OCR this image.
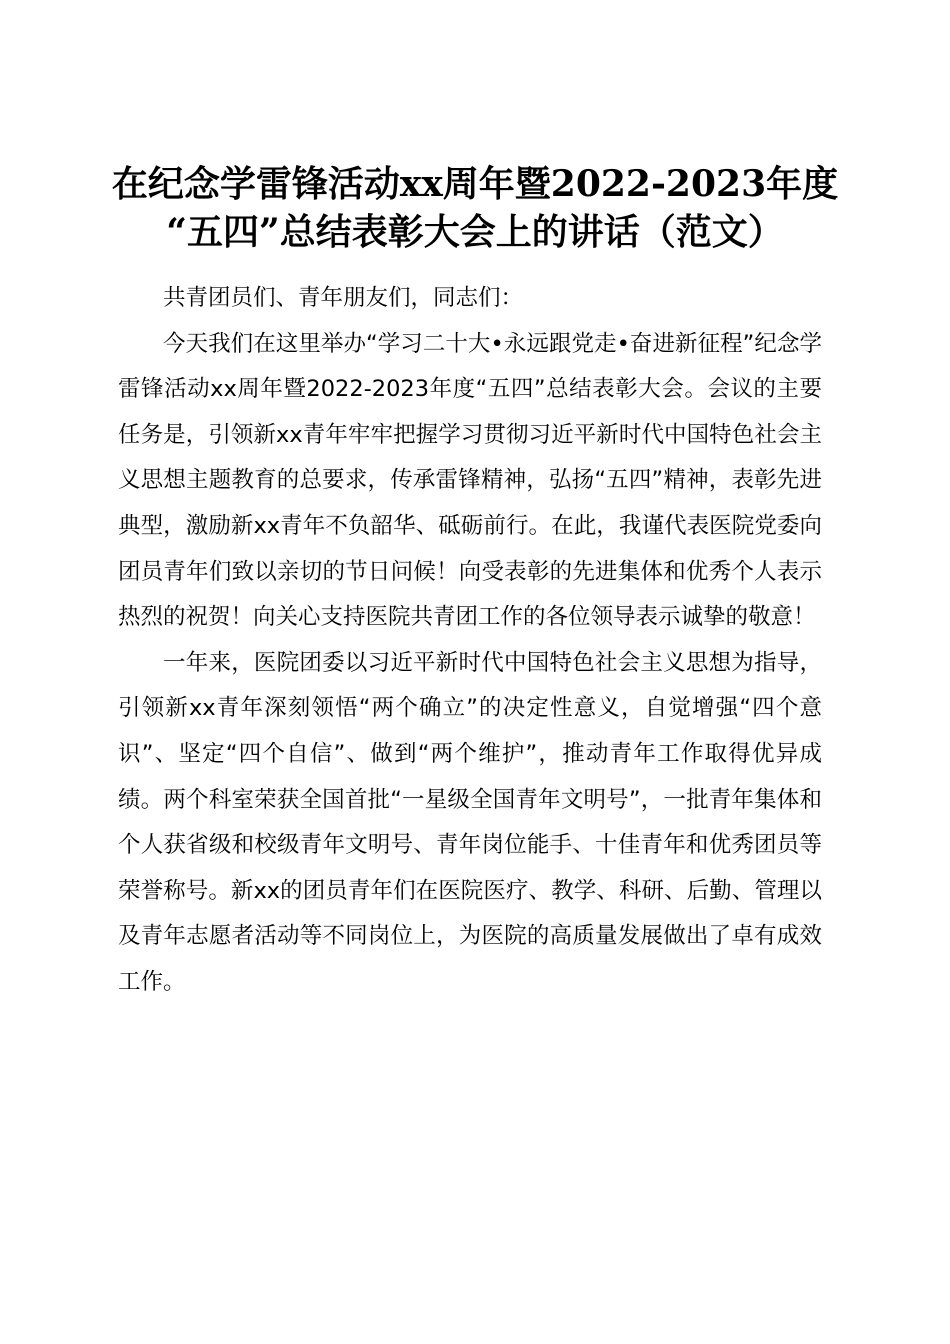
在纪念学雷锋活动xx周年暨2022-2023年度
“五四”总结表彰大会上的讲话（范文）

共青团员们、青年朋友们，同志们：

今天我们在这里举办“学习二十大•永远跟党走•奋进新征程”纪念学雷锋活动xx周年暨2022-2023年度“五四”总结表彰大会。会议的主要任务是，引领新xx青年牢牢把握学习贯彻习近平新时代中国特色社会主义思想主题教育的总要求，传承雷锋精神，弘扬“五四”精神，表彰先进典型，激励新xx青年不负韶华、砥砺前行。在此，我谨代表医院党委向团员青年们致以亲切的节日问候！向受表彰的先进集体和优秀个人表示热烈的祝贺！向关心支持医院共青团工作的各位领导表示诚挚的敬意！

一年来，医院团委以习近平新时代中国特色社会主义思想为指导，引领新xx青年深刻领悟“两个确立”的决定性意义，自觉增强“四个意识”、坚定“四个自信”、做到“两个维护”，推动青年工作取得优异成绩。两个科室荣获全国首批“一星级全国青年文明号”，一批青年集体和个人获省级和校级青年文明号、青年岗位能手、十佳青年和优秀团员等荣誉称号。新xx的团员青年们在医院医疗、教学、科研、后勤、管理以及青年志愿者活动等不同岗位上，为医院的高质量发展做出了卓有成效工作。
